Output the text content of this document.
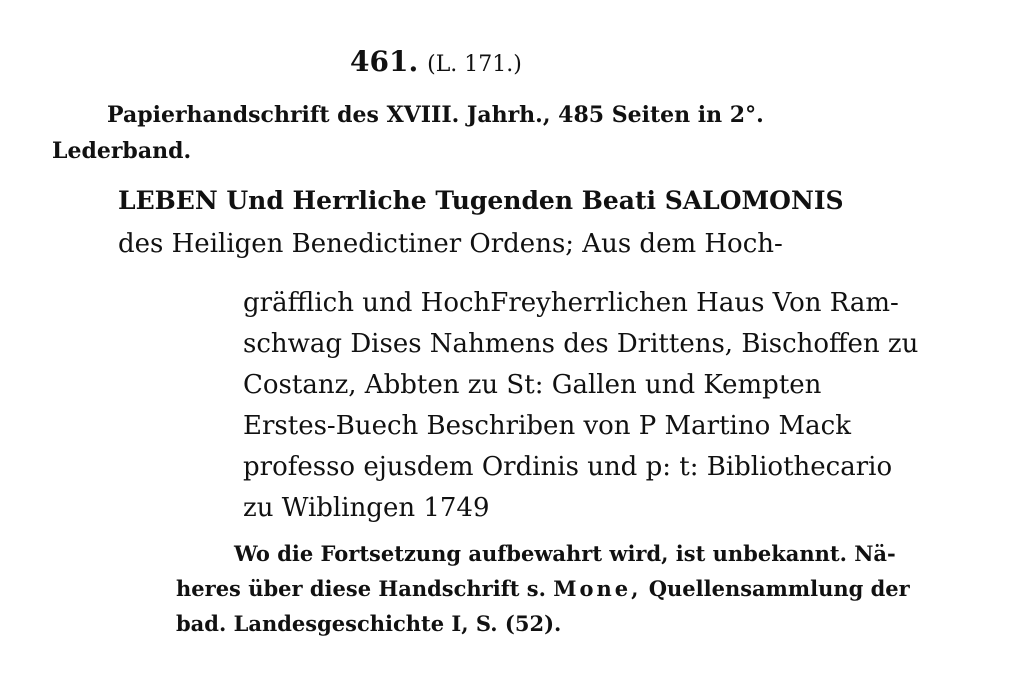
461. (L. 171.)
Papierhandschrift des XVIII. Jahrh., 485 Seiten in 2°.
Lederband.
LEBEN Und Herrliche Tugenden Beati SALOMONIS
des Heiligen Benedictiner Ordens; Aus dem Hoch-
gräfflich und HochFreyherrlichen Haus Von Ram-
schwag Dises Nahmens des Drittens, Bischoffen zu
Costanz, Abbten zu St: Gallen und Kempten
Erstes-Buech Beschriben von P Martino Mack
professo ejusdem Ordinis und p: t: Bibliothecario
zu Wiblingen 1749
Wo die Fortsetzung aufbewahrt wird, ist unbekannt. Nä-
heres über diese Handschrift s. Mone, Quellensammlung der
bad. Landesgeschichte I, S. (52).
